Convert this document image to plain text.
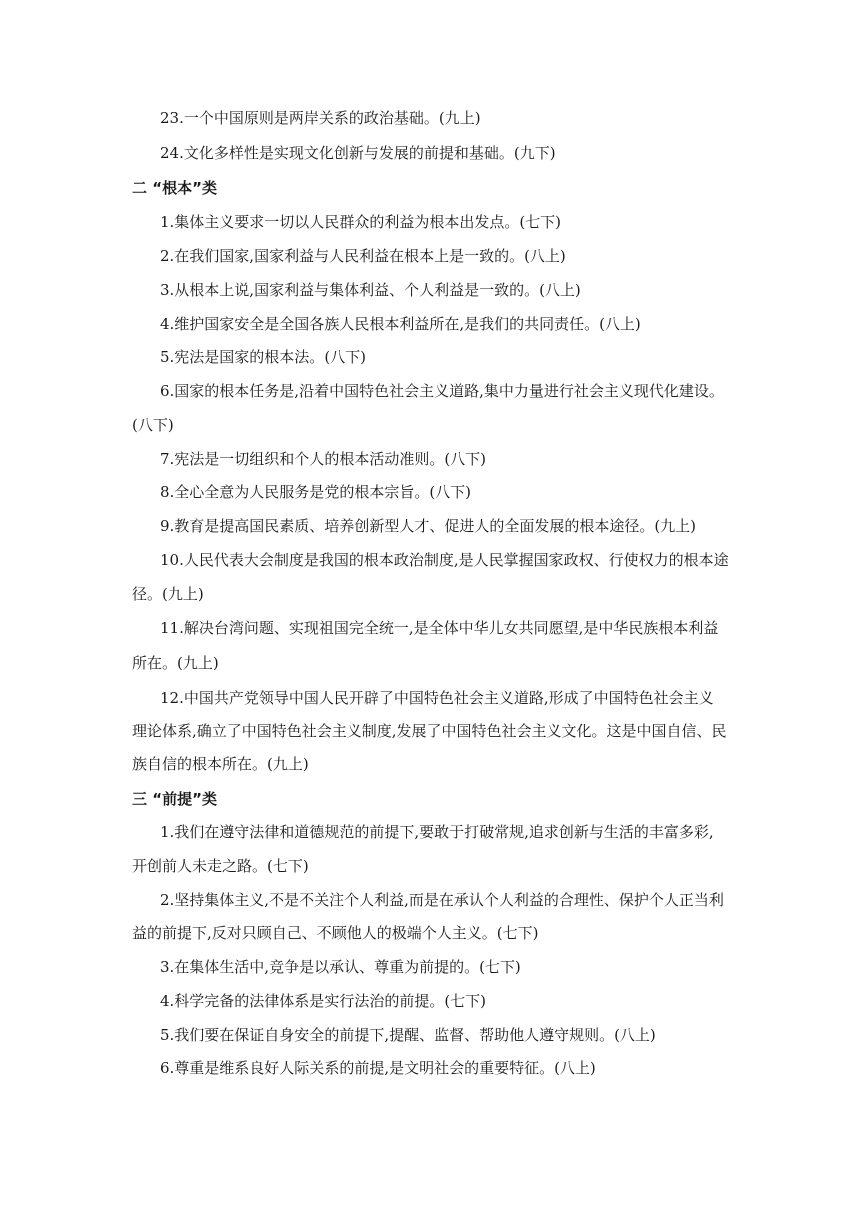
23.一个中国原则是两岸关系的政治基础。(九上)
24.文化多样性是实现文化创新与发展的前提和基础。(九下)
二 “根本”类
1.集体主义要求一切以人民群众的利益为根本出发点。(七下)
2.在我们国家,国家利益与人民利益在根本上是一致的。(八上)
3.从根本上说,国家利益与集体利益、个人利益是一致的。(八上)
4.维护国家安全是全国各族人民根本利益所在,是我们的共同责任。(八上)
5.宪法是国家的根本法。(八下)
6.国家的根本任务是,沿着中国特色社会主义道路,集中力量进行社会主义现代化建设。
(八下)
7.宪法是一切组织和个人的根本活动准则。(八下)
8.全心全意为人民服务是党的根本宗旨。(八下)
9.教育是提高国民素质、培养创新型人才、促进人的全面发展的根本途径。(九上)
10.人民代表大会制度是我国的根本政治制度,是人民掌握国家政权、行使权力的根本途
径。(九上)
11.解决台湾问题、实现祖国完全统一,是全体中华儿女共同愿望,是中华民族根本利益
所在。(九上)
12.中国共产党领导中国人民开辟了中国特色社会主义道路,形成了中国特色社会主义
理论体系,确立了中国特色社会主义制度,发展了中国特色社会主义文化。这是中国自信、民
族自信的根本所在。(九上)
三 “前提”类
1.我们在遵守法律和道德规范的前提下,要敢于打破常规,追求创新与生活的丰富多彩,
开创前人未走之路。(七下)
2.坚持集体主义,不是不关注个人利益,而是在承认个人利益的合理性、保护个人正当利
益的前提下,反对只顾自己、不顾他人的极端个人主义。(七下)
3.在集体生活中,竞争是以承认、尊重为前提的。(七下)
4.科学完备的法律体系是实行法治的前提。(七下)
5.我们要在保证自身安全的前提下,提醒、监督、帮助他人遵守规则。(八上)
6.尊重是维系良好人际关系的前提,是文明社会的重要特征。(八上)
